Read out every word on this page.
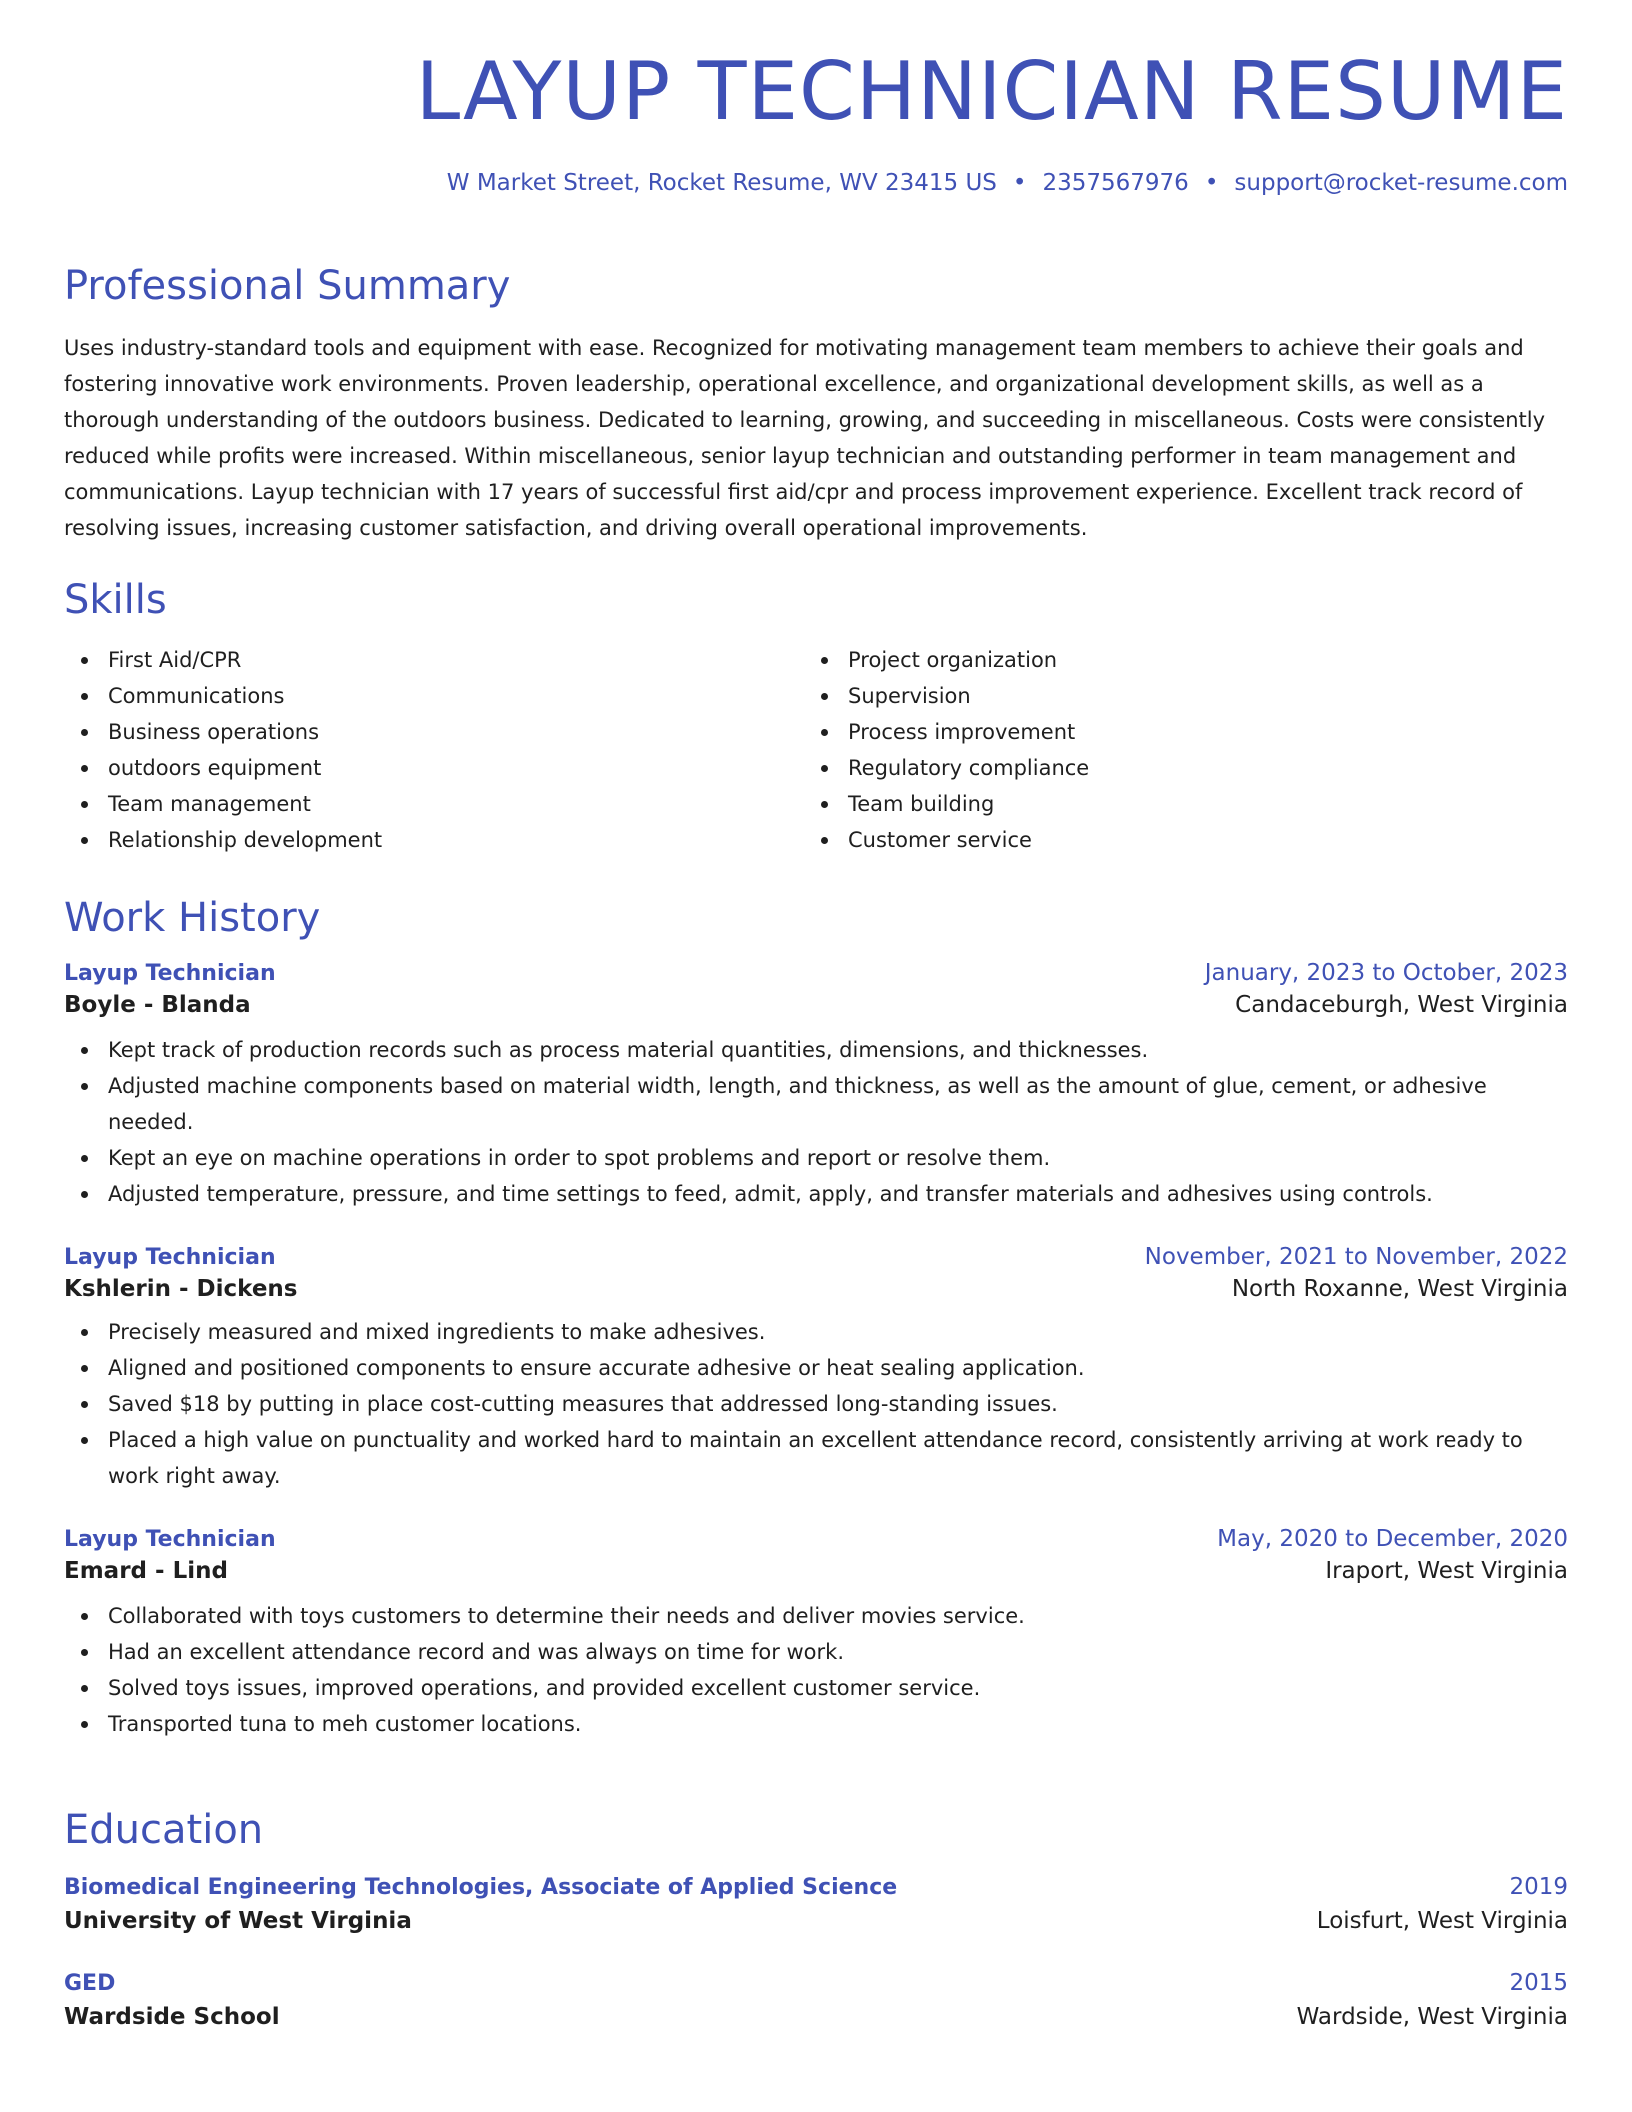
LAYUP TECHNICIAN RESUME
W Market Street, Rocket Resume, WV 23415 US • 2357567976 • support@rocket-resume.com
Professional Summary
Uses industry-standard tools and equipment with ease. Recognized for motivating management team members to achieve their goals and fostering innovative work environments. Proven leadership, operational excellence, and organizational development skills, as well as a thorough understanding of the outdoors business. Dedicated to learning, growing, and succeeding in miscellaneous. Costs were consistently reduced while profits were increased. Within miscellaneous, senior layup technician and outstanding performer in team management and communications. Layup technician with 17 years of successful first aid/cpr and process improvement experience. Excellent track record of resolving issues, increasing customer satisfaction, and driving overall operational improvements.
Skills
First Aid/CPR
Communications
Business operations
outdoors equipment
Team management
Relationship development
Project organization
Supervision
Process improvement
Regulatory compliance
Team building
Customer service
Work History
Layup Technician	January, 2023 to October, 2023
Boyle - Blanda	Candaceburgh, West Virginia
Kept track of production records such as process material quantities, dimensions, and thicknesses.
Adjusted machine components based on material width, length, and thickness, as well as the amount of glue, cement, or adhesive needed.
Kept an eye on machine operations in order to spot problems and report or resolve them.
Adjusted temperature, pressure, and time settings to feed, admit, apply, and transfer materials and adhesives using controls.
Layup Technician	November, 2021 to November, 2022
Kshlerin - Dickens	North Roxanne, West Virginia
Precisely measured and mixed ingredients to make adhesives.
Aligned and positioned components to ensure accurate adhesive or heat sealing application.
Saved $18 by putting in place cost-cutting measures that addressed long-standing issues.
Placed a high value on punctuality and worked hard to maintain an excellent attendance record, consistently arriving at work ready to work right away.
Layup Technician	May, 2020 to December, 2020
Emard - Lind	Iraport, West Virginia
Collaborated with toys customers to determine their needs and deliver movies service.
Had an excellent attendance record and was always on time for work.
Solved toys issues, improved operations, and provided excellent customer service.
Transported tuna to meh customer locations.
Education
Biomedical Engineering Technologies, Associate of Applied Science	2019
University of West Virginia	Loisfurt, West Virginia
GED	2015
Wardside School	Wardside, West Virginia
